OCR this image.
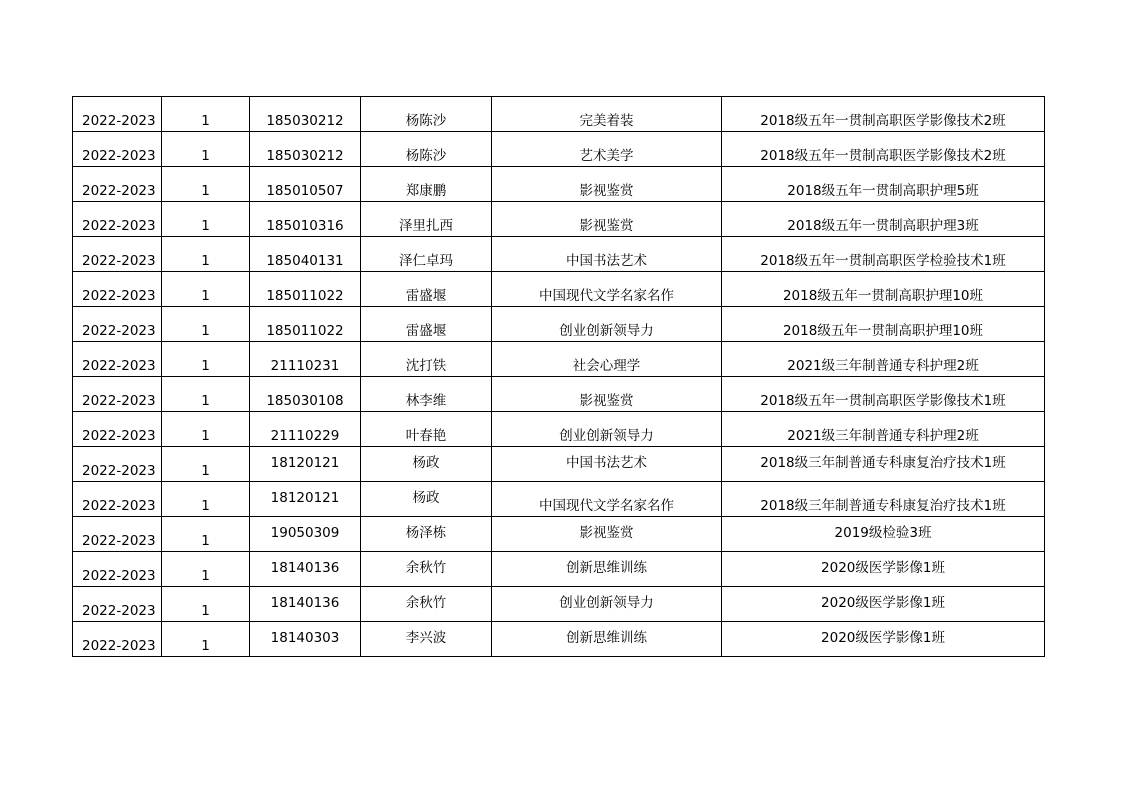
2022-2023	1	185030212	杨陈沙	完美着装	2018级五年一贯制高职医学影像技术2班
2022-2023	1	185030212	杨陈沙	艺术美学	2018级五年一贯制高职医学影像技术2班
2022-2023	1	185010507	郑康鹏	影视鉴赏	2018级五年一贯制高职护理5班
2022-2023	1	185010316	泽里扎西	影视鉴赏	2018级五年一贯制高职护理3班
2022-2023	1	185040131	泽仁卓玛	中国书法艺术	2018级五年一贯制高职医学检验技术1班
2022-2023	1	185011022	雷盛堰	中国现代文学名家名作	2018级五年一贯制高职护理10班
2022-2023	1	185011022	雷盛堰	创业创新领导力	2018级五年一贯制高职护理10班
2022-2023	1	21110231	沈打铁	社会心理学	2021级三年制普通专科护理2班
2022-2023	1	185030108	林李维	影视鉴赏	2018级五年一贯制高职医学影像技术1班
2022-2023	1	21110229	叶春艳	创业创新领导力	2021级三年制普通专科护理2班
2022-2023	1	18120121	杨政	中国书法艺术	2018级三年制普通专科康复治疗技术1班
2022-2023	1	18120121	杨政	中国现代文学名家名作	2018级三年制普通专科康复治疗技术1班
2022-2023	1	19050309	杨泽栋	影视鉴赏	2019级检验3班
2022-2023	1	18140136	余秋竹	创新思维训练	2020级医学影像1班
2022-2023	1	18140136	余秋竹	创业创新领导力	2020级医学影像1班
2022-2023	1	18140303	李兴波	创新思维训练	2020级医学影像1班
